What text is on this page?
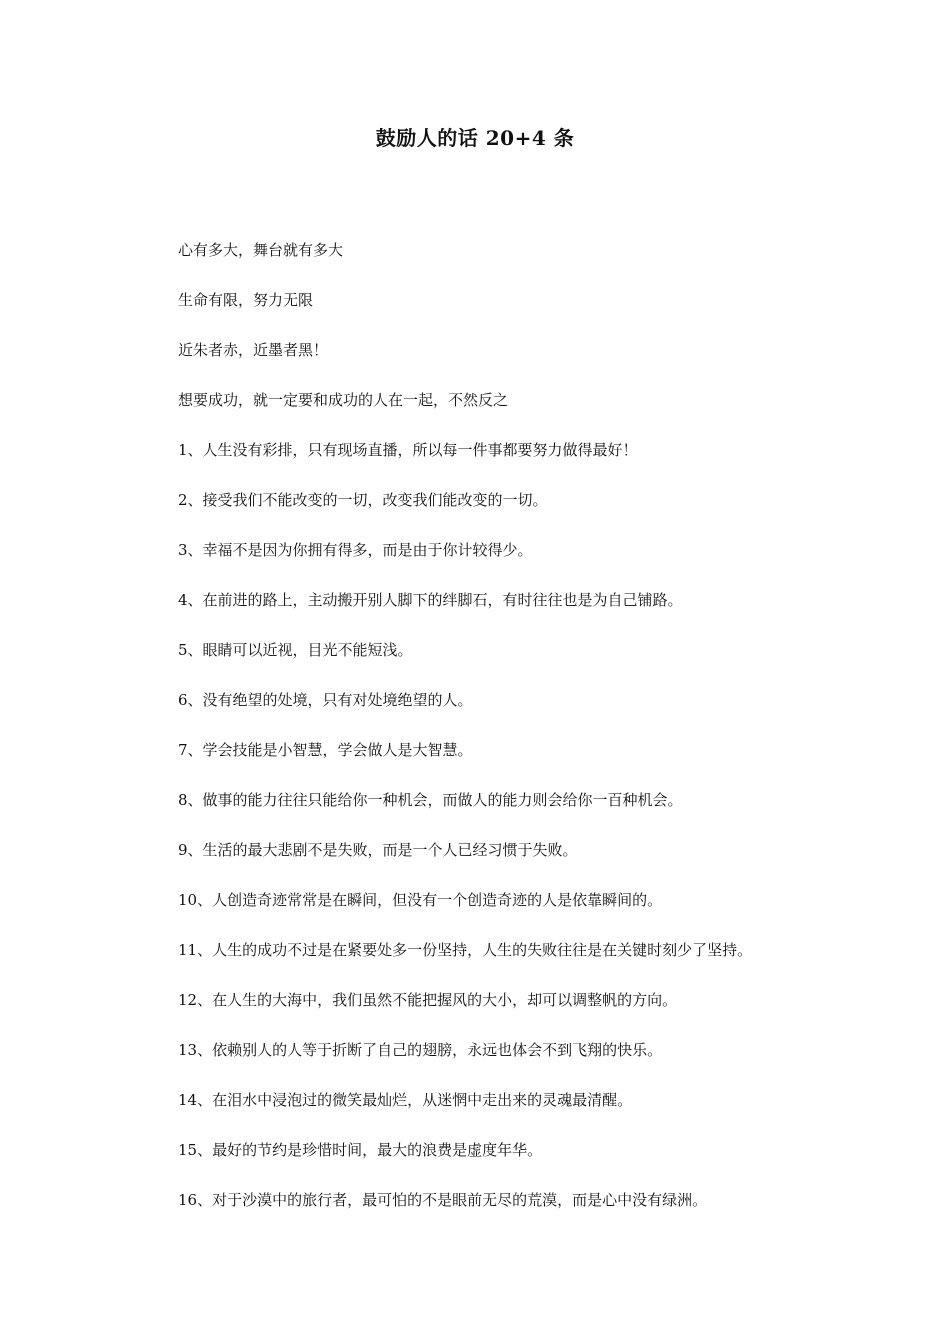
鼓励人的话 20+4 条
心有多大，舞台就有多大
生命有限，努力无限
近朱者赤，近墨者黑！
想要成功，就一定要和成功的人在一起，不然反之
1、人生没有彩排，只有现场直播，所以每一件事都要努力做得最好！
2、接受我们不能改变的一切，改变我们能改变的一切。
3、幸福不是因为你拥有得多，而是由于你计较得少。
4、在前进的路上，主动搬开别人脚下的绊脚石，有时往往也是为自己铺路。
5、眼睛可以近视，目光不能短浅。
6、没有绝望的处境，只有对处境绝望的人。
7、学会技能是小智慧，学会做人是大智慧。
8、做事的能力往往只能给你一种机会，而做人的能力则会给你一百种机会。
9、生活的最大悲剧不是失败，而是一个人已经习惯于失败。
10、人创造奇迹常常是在瞬间，但没有一个创造奇迹的人是依靠瞬间的。
11、人生的成功不过是在紧要处多一份坚持，人生的失败往往是在关键时刻少了坚持。
12、在人生的大海中，我们虽然不能把握风的大小，却可以调整帆的方向。
13、依赖别人的人等于折断了自己的翅膀，永远也体会不到飞翔的快乐。
14、在泪水中浸泡过的微笑最灿烂，从迷惘中走出来的灵魂最清醒。
15、最好的节约是珍惜时间，最大的浪费是虚度年华。
16、对于沙漠中的旅行者，最可怕的不是眼前无尽的荒漠，而是心中没有绿洲。
